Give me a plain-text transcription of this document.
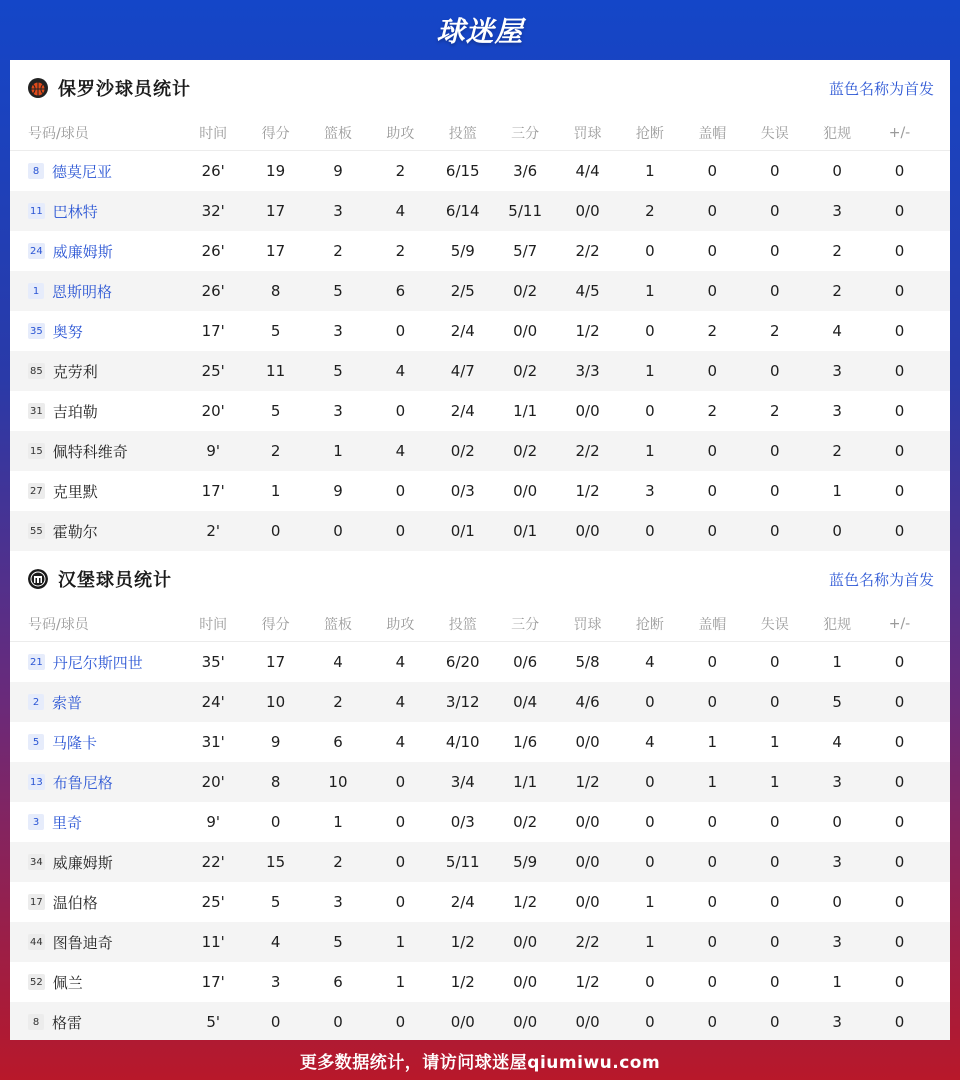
球迷屋
保罗沙球员统计	蓝色名称为首发
号码/球员	时间	得分	篮板	助攻	投篮	三分	罚球	抢断	盖帽	失误	犯规	+/-
8 德莫尼亚	26'	19	9	2	6/15	3/6	4/4	1	0	0	0	0
11 巴林特	32'	17	3	4	6/14	5/11	0/0	2	0	0	3	0
24 威廉姆斯	26'	17	2	2	5/9	5/7	2/2	0	0	0	2	0
1 恩斯明格	26'	8	5	6	2/5	0/2	4/5	1	0	0	2	0
35 奥努	17'	5	3	0	2/4	0/0	1/2	0	2	2	4	0
85 克劳利	25'	11	5	4	4/7	0/2	3/3	1	0	0	3	0
31 吉珀勒	20'	5	3	0	2/4	1/1	0/0	0	2	2	3	0
15 佩特科维奇	9'	2	1	4	0/2	0/2	2/2	1	0	0	2	0
27 克里默	17'	1	9	0	0/3	0/0	1/2	3	0	0	1	0
55 霍勒尔	2'	0	0	0	0/1	0/1	0/0	0	0	0	0	0
汉堡球员统计	蓝色名称为首发
号码/球员	时间	得分	篮板	助攻	投篮	三分	罚球	抢断	盖帽	失误	犯规	+/-
21 丹尼尔斯四世	35'	17	4	4	6/20	0/6	5/8	4	0	0	1	0
2 索普	24'	10	2	4	3/12	0/4	4/6	0	0	0	5	0
5 马隆卡	31'	9	6	4	4/10	1/6	0/0	4	1	1	4	0
13 布鲁尼格	20'	8	10	0	3/4	1/1	1/2	0	1	1	3	0
3 里奇	9'	0	1	0	0/3	0/2	0/0	0	0	0	0	0
34 威廉姆斯	22'	15	2	0	5/11	5/9	0/0	0	0	0	3	0
17 温伯格	25'	5	3	0	2/4	1/2	0/0	1	0	0	0	0
44 图鲁迪奇	11'	4	5	1	1/2	0/0	2/2	1	0	0	3	0
52 佩兰	17'	3	6	1	1/2	0/0	1/2	0	0	0	1	0
8 格雷	5'	0	0	0	0/0	0/0	0/0	0	0	0	3	0
更多数据统计，请访问球迷屋qiumiwu.com
